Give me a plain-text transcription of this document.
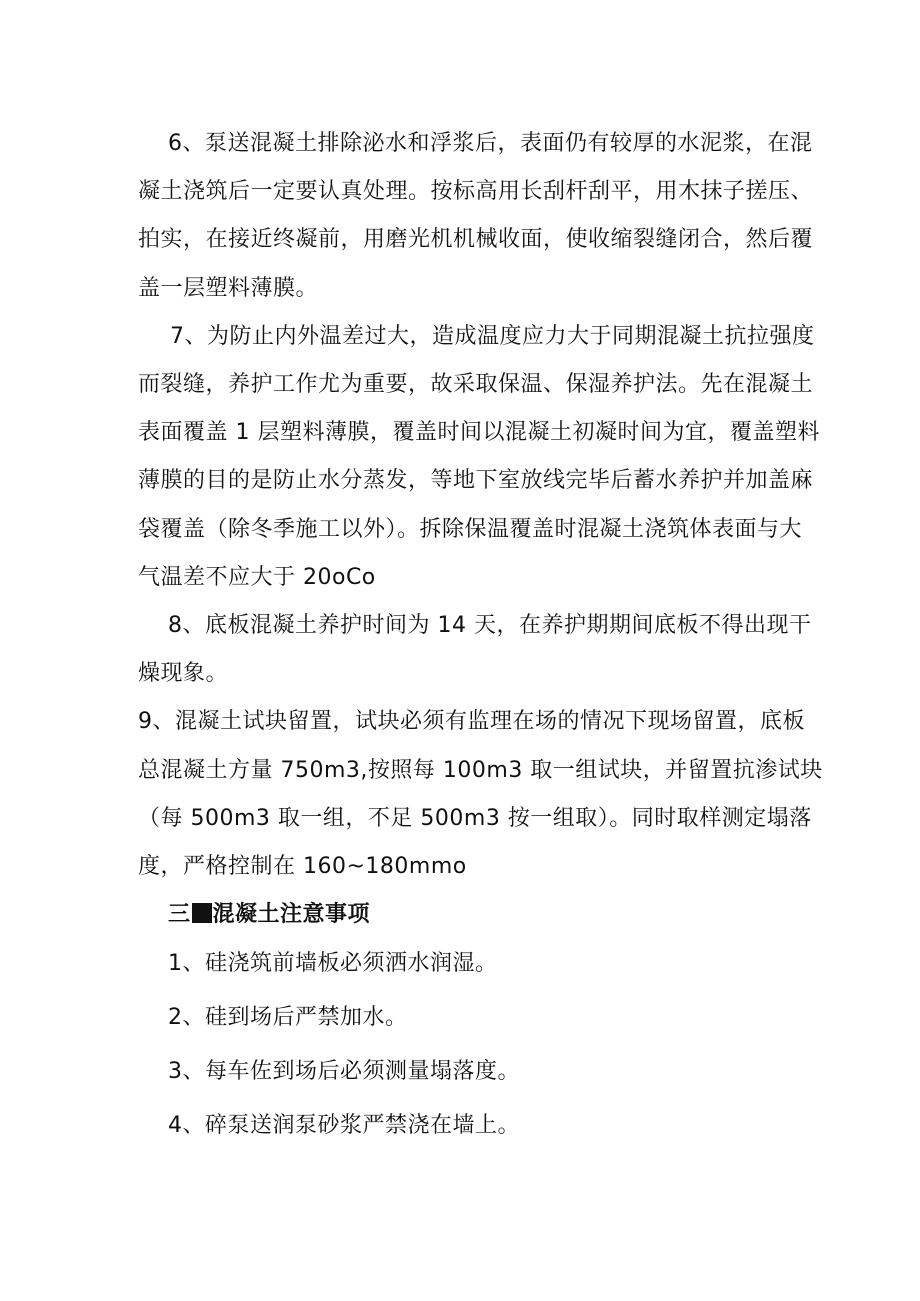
6、泵送混凝土排除泌水和浮浆后，表面仍有较厚的水泥浆，在混
凝土浇筑后一定要认真处理。按标高用长刮杆刮平，用木抹子搓压、
拍实，在接近终凝前，用磨光机机械收面，使收缩裂缝闭合，然后覆
盖一层塑料薄膜。
7、为防止内外温差过大，造成温度应力大于同期混凝土抗拉强度
而裂缝，养护工作尤为重要，故采取保温、保湿养护法。先在混凝土
表面覆盖 1 层塑料薄膜，覆盖时间以混凝土初凝时间为宜，覆盖塑料
薄膜的目的是防止水分蒸发，等地下室放线完毕后蓄水养护并加盖麻
袋覆盖（除冬季施工以外）。拆除保温覆盖时混凝土浇筑体表面与大
气温差不应大于 20oCo
8、底板混凝土养护时间为 14 天，在养护期期间底板不得出现干
燥现象。
9、混凝土试块留置，试块必须有监理在场的情况下现场留置，底板
总混凝土方量 750m3,按照每 100m3 取一组试块，并留置抗渗试块
（每 500m3 取一组，不足 500m3 按一组取）。同时取样测定塌落
度，严格控制在 160~180mmo
三 混凝土注意事项
1、硅浇筑前墙板必须洒水润湿。
2、硅到场后严禁加水。
3、每车佐到场后必须测量塌落度。
4、碎泵送润泵砂浆严禁浇在墙上。
